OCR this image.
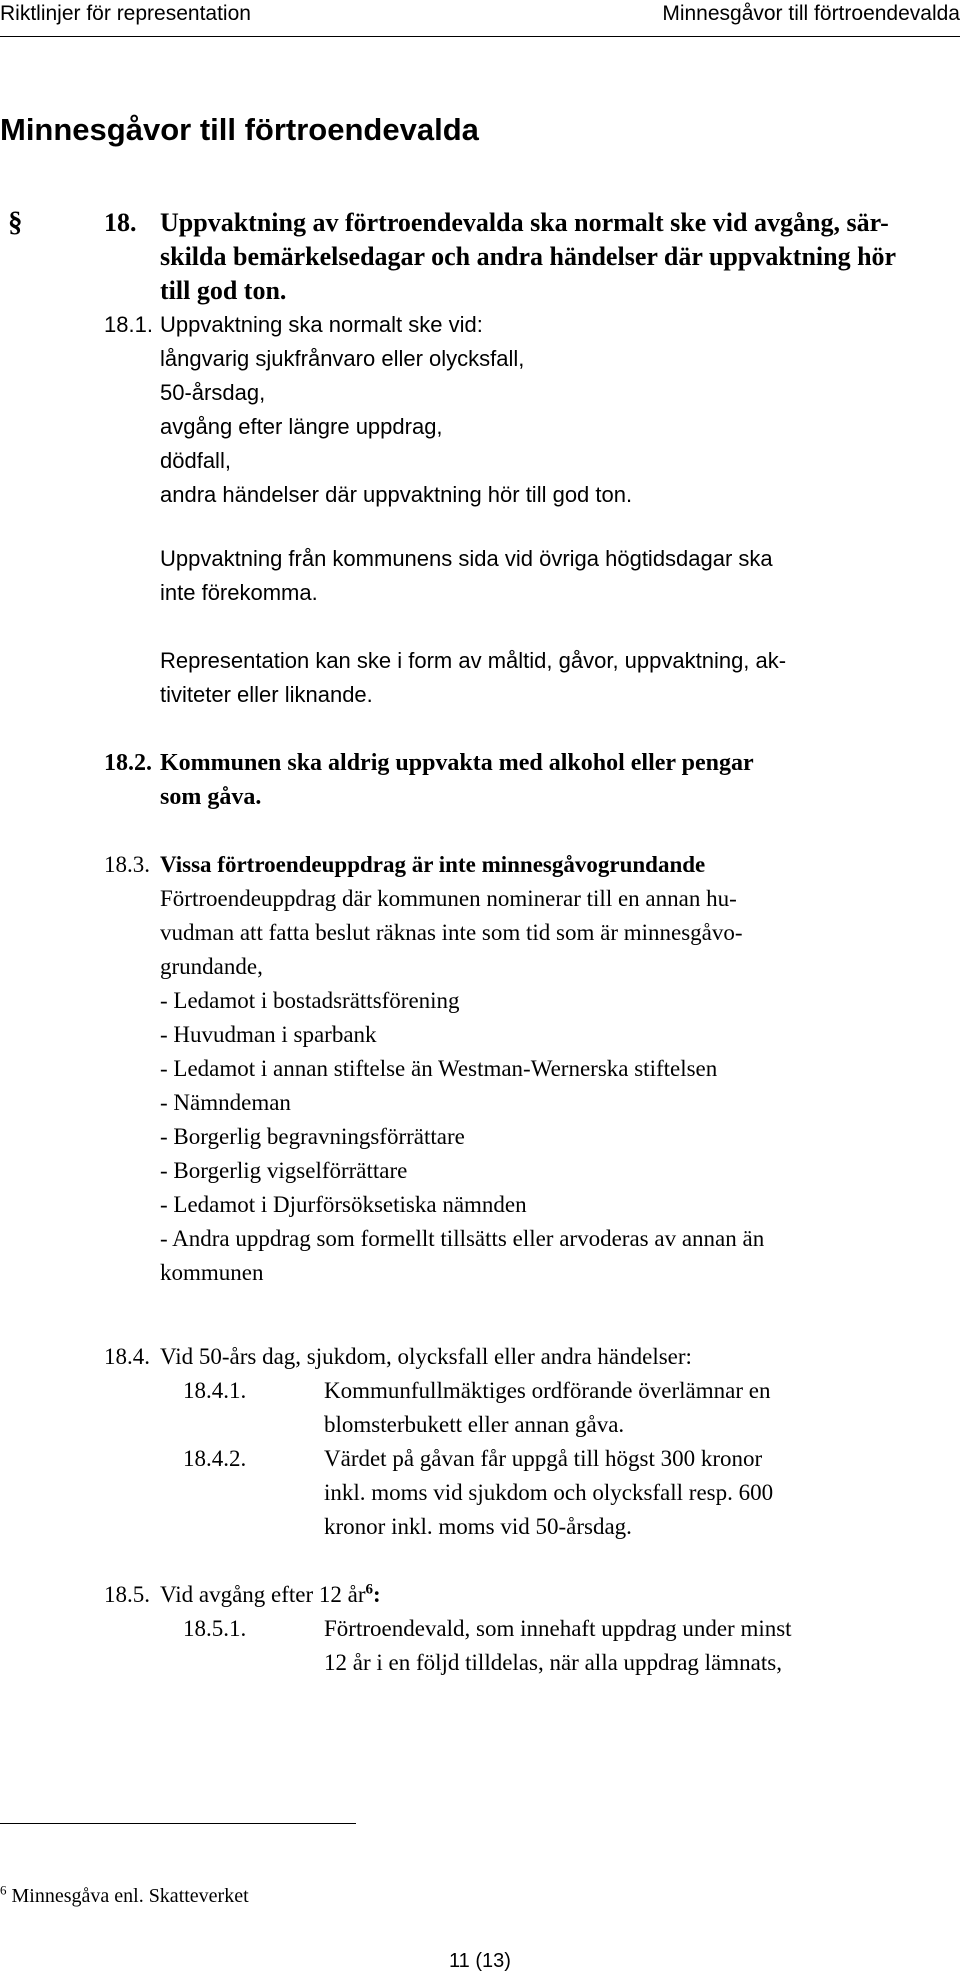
Riktlinjer för representation	Minnesgåvor till förtroendevalda
Minnesgåvor till förtroendevalda
§	18. Uppvaktning av förtroendevalda ska normalt ske vid avgång, sär-
skilda bemärkelsedagar och andra händelser där uppvaktning hör
till god ton.
18.1. Uppvaktning ska normalt ske vid:
långvarig sjukfrånvaro eller olycksfall,
50-årsdag,
avgång efter längre uppdrag,
dödfall,
andra händelser där uppvaktning hör till god ton.
Uppvaktning från kommunens sida vid övriga högtidsdagar ska
inte förekomma.
Representation kan ske i form av måltid, gåvor, uppvaktning, ak-
tiviteter eller liknande.
18.2. Kommunen ska aldrig uppvakta med alkohol eller pengar
som gåva.
18.3. Vissa förtroendeuppdrag är inte minnesgåvogrundande
Förtroendeuppdrag där kommunen nominerar till en annan hu-
vudman att fatta beslut räknas inte som tid som är minnesgåvo-
grundande,
- Ledamot i bostadsrättsförening
- Huvudman i sparbank
- Ledamot i annan stiftelse än Westman-Wernerska stiftelsen
- Nämndeman
- Borgerlig begravningsförrättare
- Borgerlig vigselförrättare
- Ledamot i Djurförsöksetiska nämnden
- Andra uppdrag som formellt tillsätts eller arvoderas av annan än
kommunen
18.4. Vid 50-års dag, sjukdom, olycksfall eller andra händelser:
18.4.1.	Kommunfullmäktiges ordförande överlämnar en
blomsterbukett eller annan gåva.
18.4.2.	Värdet på gåvan får uppgå till högst 300 kronor
inkl. moms vid sjukdom och olycksfall resp. 600
kronor inkl. moms vid 50-årsdag.
18.5. Vid avgång efter 12 $år^6$:
18.5.1.	Förtroendevald, som innehaft uppdrag under minst
12 år i en följd tilldelas, när alla uppdrag lämnats,
$^6$ Minnesgåva enl. Skatteverket
11 (13)
